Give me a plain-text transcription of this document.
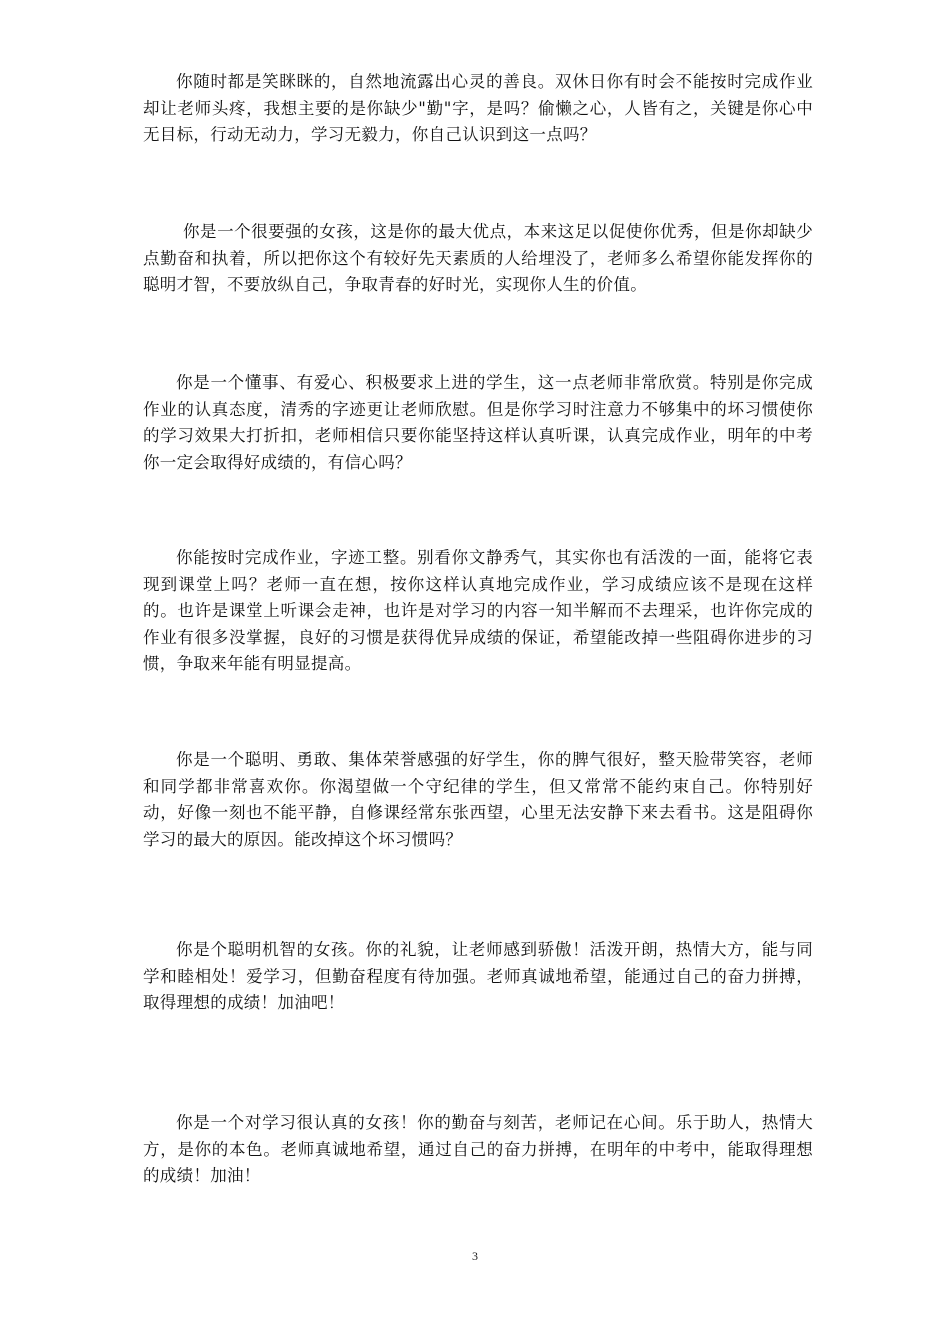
你随时都是笑眯眯的，自然地流露出心灵的善良。双休日你有时会不能按时完成作业却让老师头疼，我想主要的是你缺少"勤"字，是吗？偷懒之心，人皆有之，关键是你心中无目标，行动无动力，学习无毅力，你自己认识到这一点吗？

你是一个很要强的女孩，这是你的最大优点，本来这足以促使你优秀，但是你却缺少点勤奋和执着，所以把你这个有较好先天素质的人给埋没了，老师多么希望你能发挥你的聪明才智，不要放纵自己，争取青春的好时光，实现你人生的价值。

你是一个懂事、有爱心、积极要求上进的学生，这一点老师非常欣赏。特别是你完成作业的认真态度，清秀的字迹更让老师欣慰。但是你学习时注意力不够集中的坏习惯使你的学习效果大打折扣，老师相信只要你能坚持这样认真听课，认真完成作业，明年的中考你一定会取得好成绩的，有信心吗？

你能按时完成作业，字迹工整。别看你文静秀气，其实你也有活泼的一面，能将它表现到课堂上吗？老师一直在想，按你这样认真地完成作业，学习成绩应该不是现在这样的。也许是课堂上听课会走神，也许是对学习的内容一知半解而不去理采，也许你完成的作业有很多没掌握，良好的习惯是获得优异成绩的保证，希望能改掉一些阻碍你进步的习惯，争取来年能有明显提高。

你是一个聪明、勇敢、集体荣誉感强的好学生，你的脾气很好，整天脸带笑容，老师和同学都非常喜欢你。你渴望做一个守纪律的学生，但又常常不能约束自己。你特别好动，好像一刻也不能平静，自修课经常东张西望，心里无法安静下来去看书。这是阻碍你学习的最大的原因。能改掉这个坏习惯吗？

你是个聪明机智的女孩。你的礼貌，让老师感到骄傲！活泼开朗，热情大方，能与同学和睦相处！爱学习，但勤奋程度有待加强。老师真诚地希望，能通过自己的奋力拼搏，取得理想的成绩！加油吧！

你是一个对学习很认真的女孩！你的勤奋与刻苦，老师记在心间。乐于助人，热情大方，是你的本色。老师真诚地希望，通过自己的奋力拼搏，在明年的中考中，能取得理想的成绩！加油！

3
